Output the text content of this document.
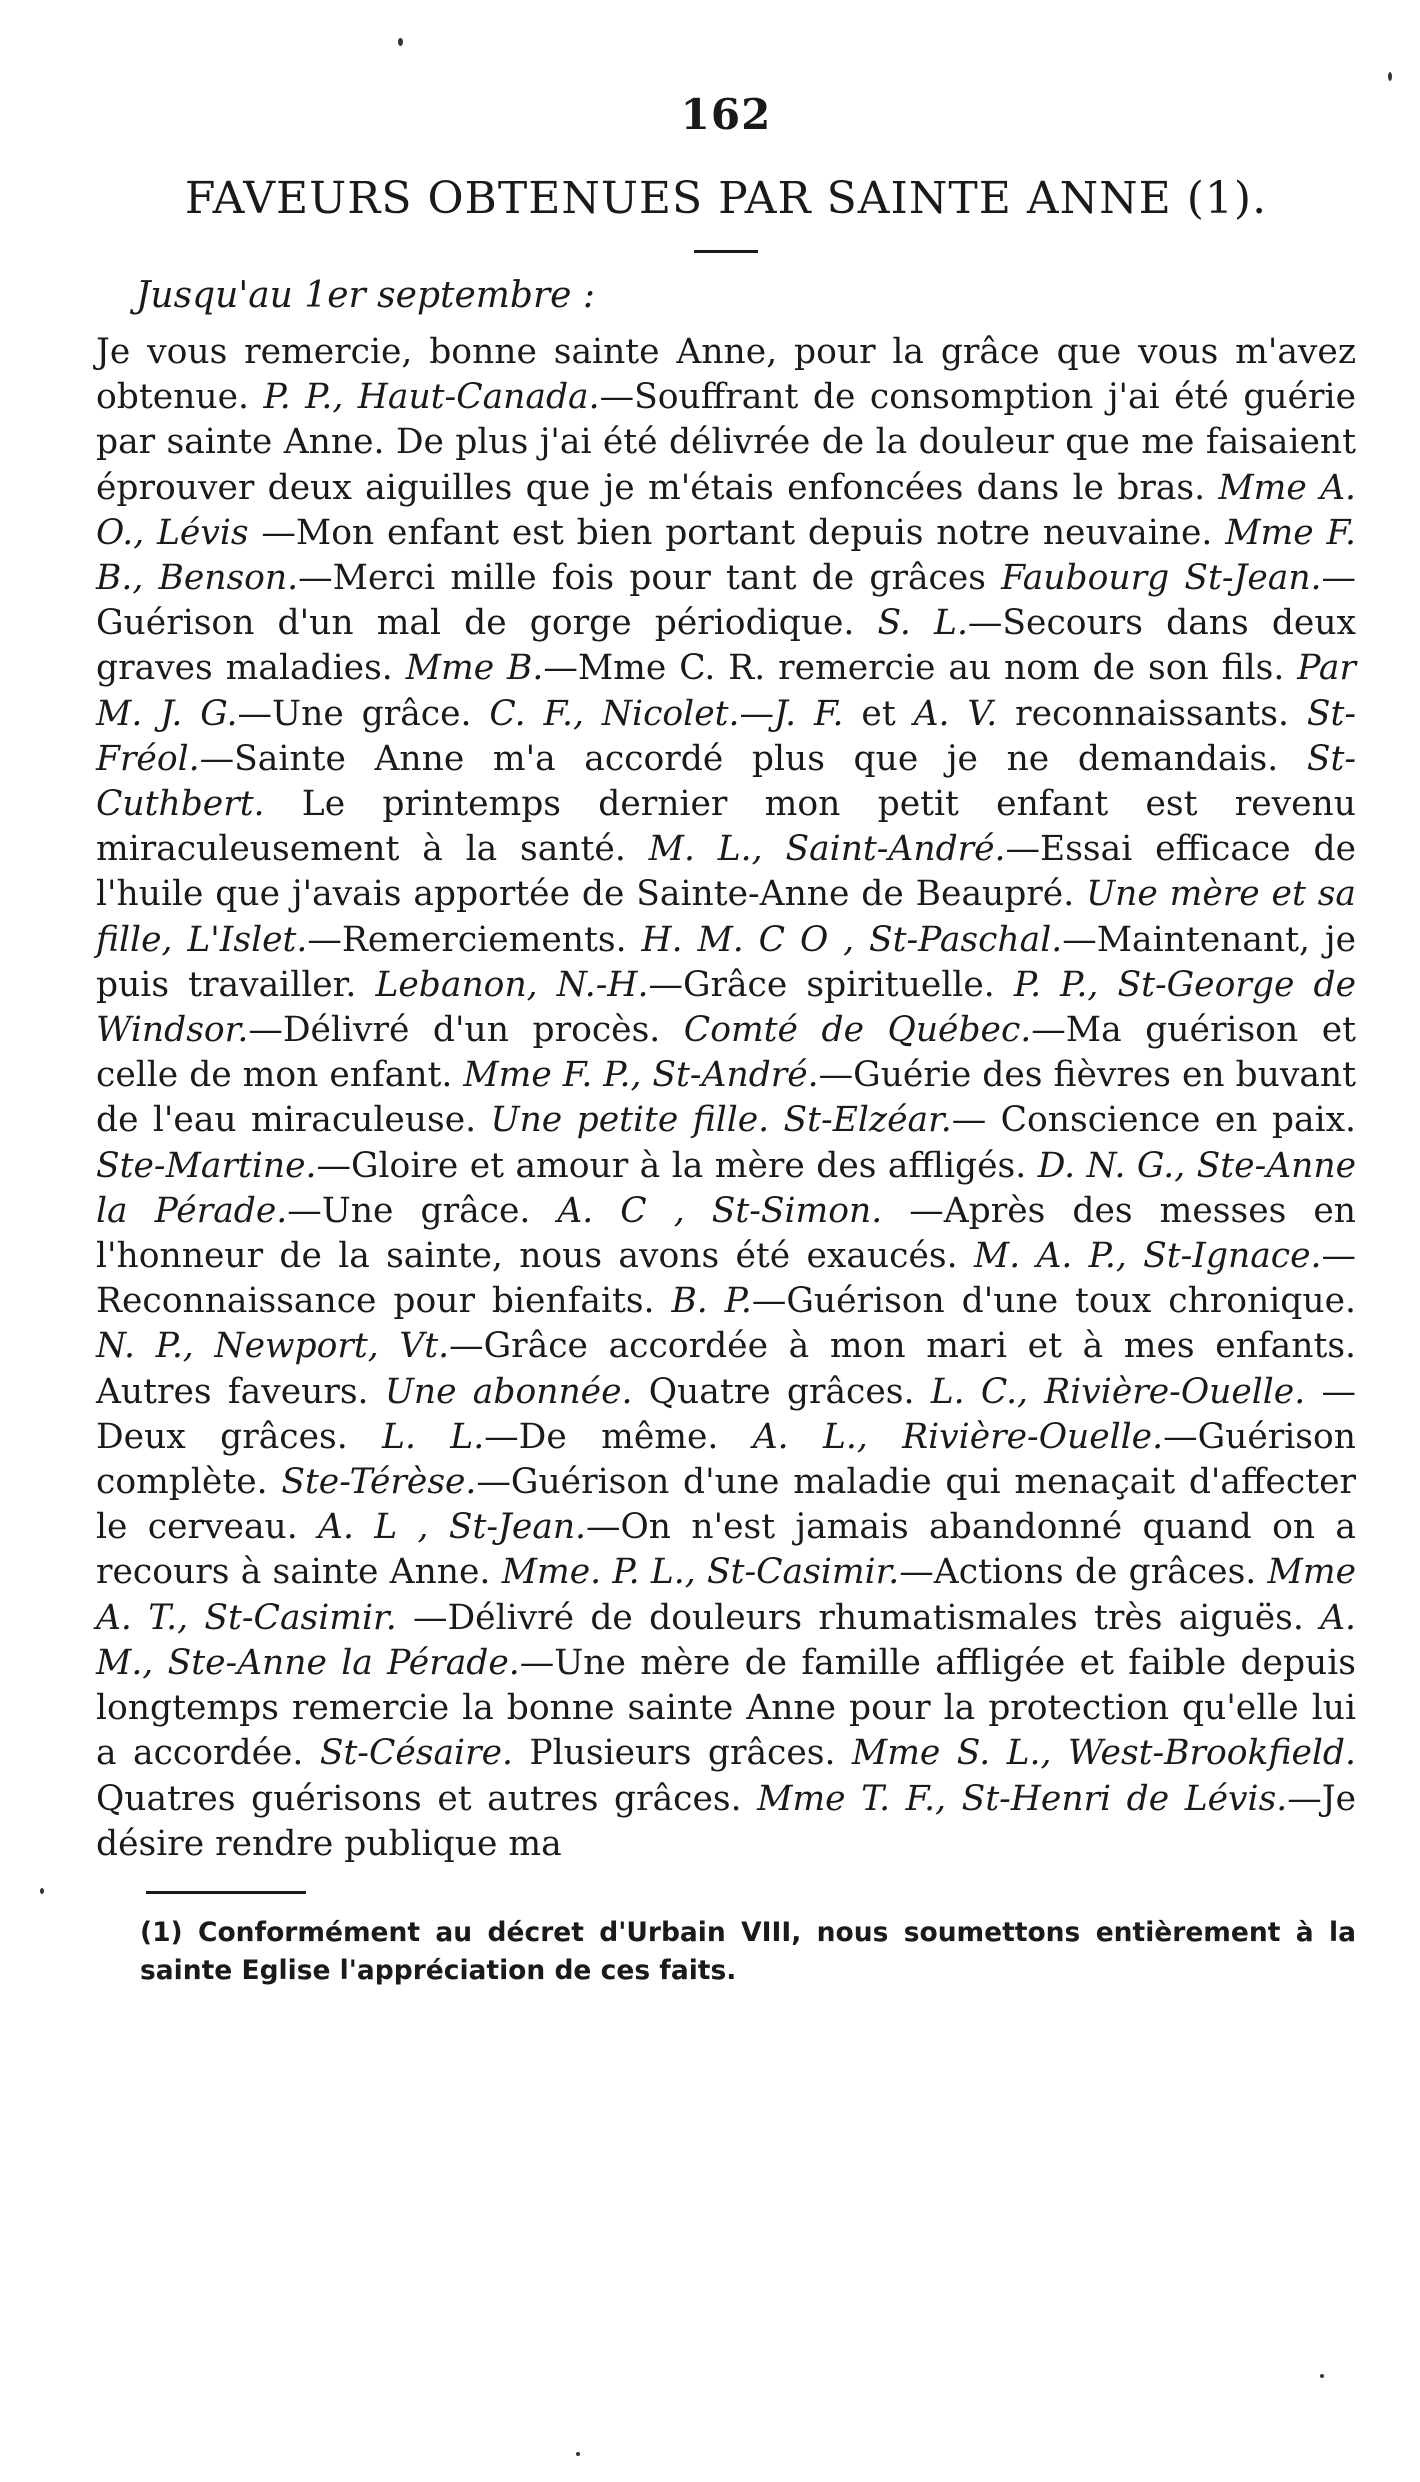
162
FAVEURS OBTENUES PAR SAINTE ANNE (1).
Jusqu'au 1er septembre :

Je vous remercie, bonne sainte Anne, pour la grâce que vous m'avez obtenue. P. P., Haut-Canada.—Souffrant de consomption j'ai été guérie par sainte Anne. De plus j'ai été délivrée de la douleur que me faisaient éprouver deux aiguilles que je m'étais enfoncées dans le bras. Mme A. O., Lévis —Mon enfant est bien portant depuis notre neuvaine. Mme F. B., Benson.—Merci mille fois pour tant de grâces Faubourg St-Jean.—Guérison d'un mal de gorge périodique. S. L.—Secours dans deux graves maladies. Mme B.—Mme C. R. remercie au nom de son fils. Par M. J. G.—Une grâce. C. F., Nicolet.—J. F. et A. V. reconnaissants. St-Fréol.—Sainte Anne m'a accordé plus que je ne demandais. St-Cuthbert. Le printemps dernier mon petit enfant est revenu miraculeusement à la santé. M. L., Saint-André.—Essai efficace de l'huile que j'avais apportée de Sainte-Anne de Beaupré. Une mère et sa fille, L'Islet.—Remerciements. H. M. C O , St-Paschal.—Maintenant, je puis travailler. Lebanon, N.-H.—Grâce spirituelle. P. P., St-George de Windsor.—Délivré d'un procès. Comté de Québec.—Ma guérison et celle de mon enfant. Mme F. P., St-André.—Guérie des fièvres en buvant de l'eau miraculeuse. Une petite fille. St-Elzéar.— Conscience en paix. Ste-Martine.—Gloire et amour à la mère des affligés. D. N. G., Ste-Anne la Pérade.—Une grâce. A. C , St-Simon. —Après des messes en l'honneur de la sainte, nous avons été exaucés. M. A. P., St-Ignace.—Reconnaissance pour bienfaits. B. P.—Guérison d'une toux chronique. N. P., Newport, Vt.—Grâce accordée à mon mari et à mes enfants. Autres faveurs. Une abonnée. Quatre grâces. L. C., Rivière-Ouelle. —Deux grâces. L. L.—De même. A. L., Rivière-Ouelle.—Guérison complète. Ste-Térèse.—Guérison d'une maladie qui menaçait d'affecter le cerveau. A. L , St-Jean.—On n'est jamais abandonné quand on a recours à sainte Anne. Mme. P. L., St-Casimir.—Actions de grâces. Mme A. T., St-Casimir. —Délivré de douleurs rhumatismales très aiguës. A. M., Ste-Anne la Pérade.—Une mère de famille affligée et faible depuis longtemps remercie la bonne sainte Anne pour la protection qu'elle lui a accordée. St-Césaire. Plusieurs grâces. Mme S. L., West-Brookfield. Quatres guérisons et autres grâces. Mme T. F., St-Henri de Lévis.—Je désire rendre publique ma

(1) Conformément au décret d'Urbain VIII, nous soumettons entièrement à la sainte Eglise l'appréciation de ces faits.
